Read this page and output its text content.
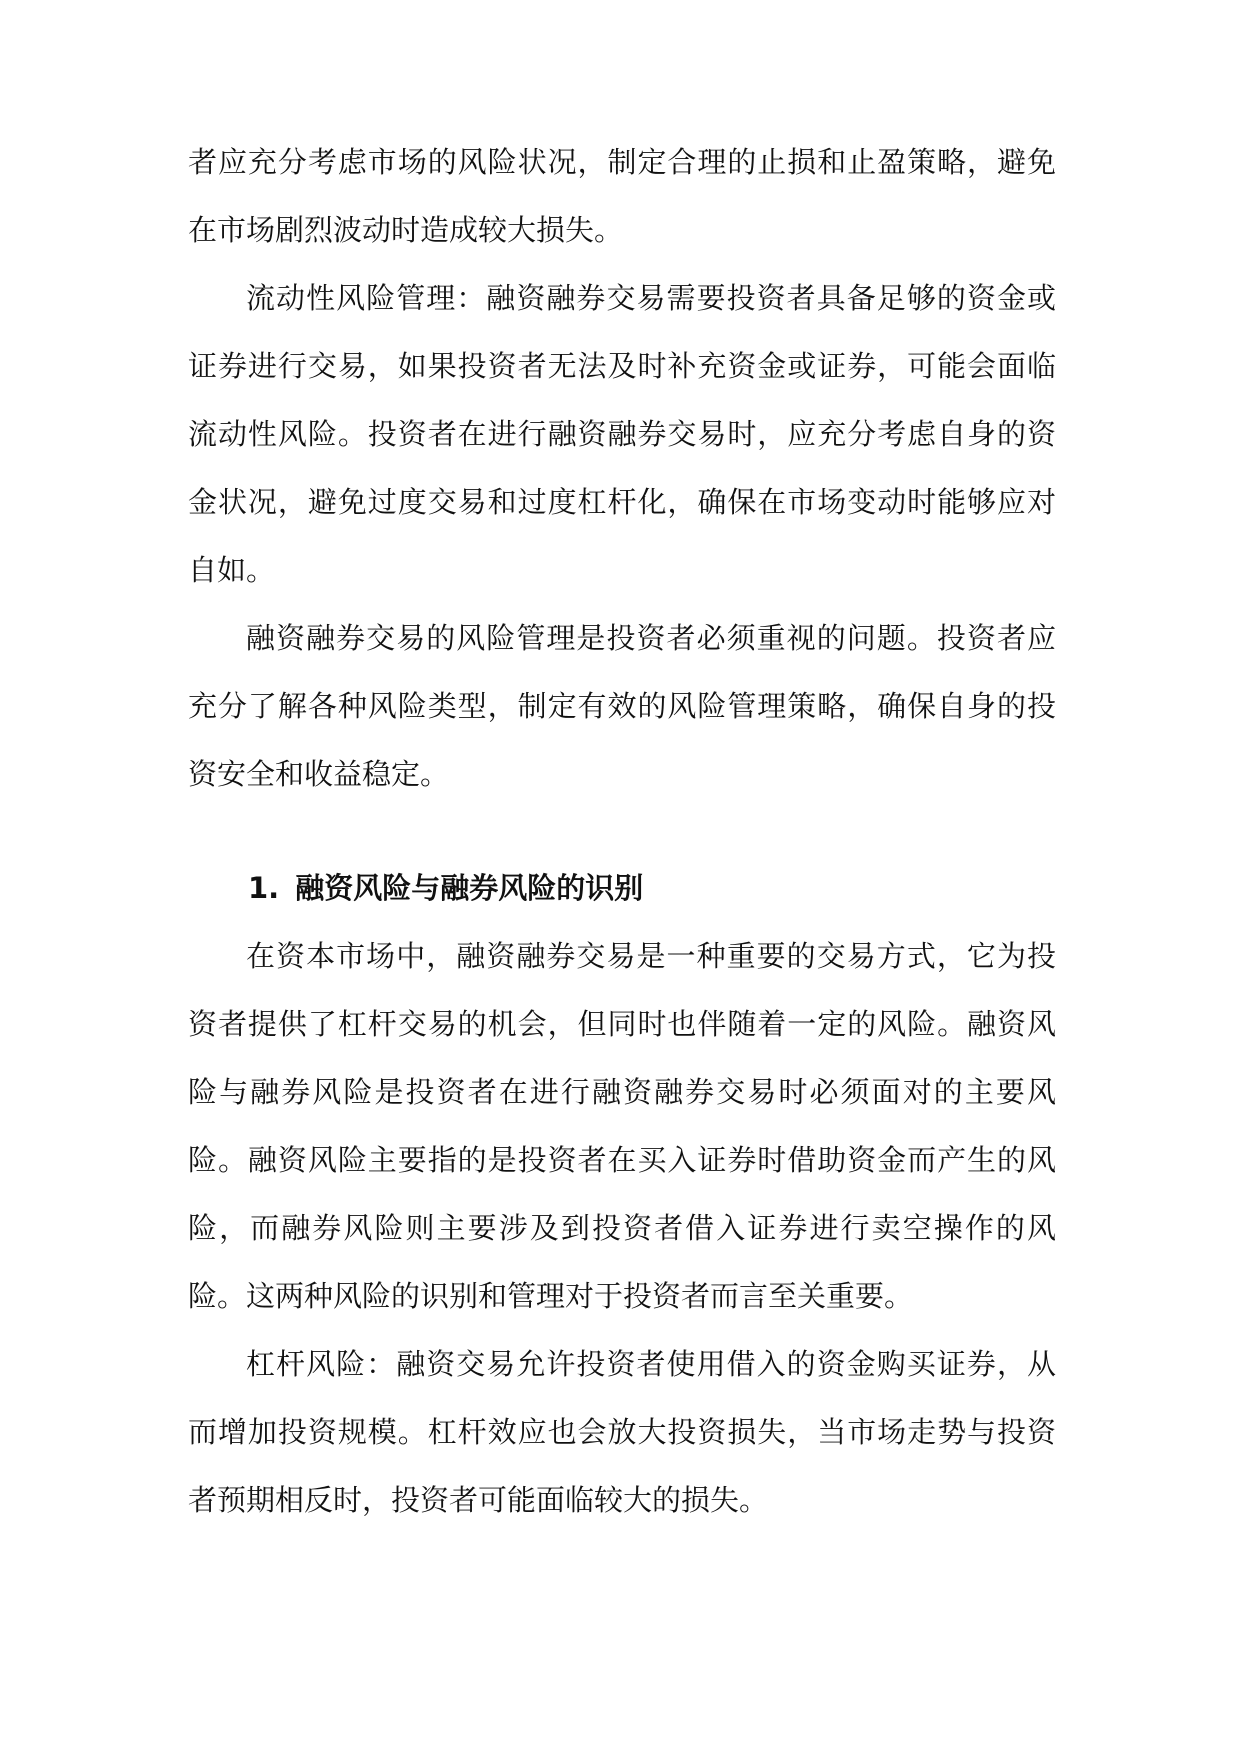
者应充分考虑市场的风险状况，制定合理的止损和止盈策略，避免在市场剧烈波动时造成较大损失。

流动性风险管理：融资融券交易需要投资者具备足够的资金或证券进行交易，如果投资者无法及时补充资金或证券，可能会面临流动性风险。投资者在进行融资融券交易时，应充分考虑自身的资金状况，避免过度交易和过度杠杆化，确保在市场变动时能够应对自如。

融资融券交易的风险管理是投资者必须重视的问题。投资者应充分了解各种风险类型，制定有效的风险管理策略，确保自身的投资安全和收益稳定。

1. 融资风险与融券风险的识别

在资本市场中，融资融券交易是一种重要的交易方式，它为投资者提供了杠杆交易的机会，但同时也伴随着一定的风险。融资风险与融券风险是投资者在进行融资融券交易时必须面对的主要风险。融资风险主要指的是投资者在买入证券时借助资金而产生的风险，而融券风险则主要涉及到投资者借入证券进行卖空操作的风险。这两种风险的识别和管理对于投资者而言至关重要。

杠杆风险：融资交易允许投资者使用借入的资金购买证券，从而增加投资规模。杠杆效应也会放大投资损失，当市场走势与投资者预期相反时，投资者可能面临较大的损失。
